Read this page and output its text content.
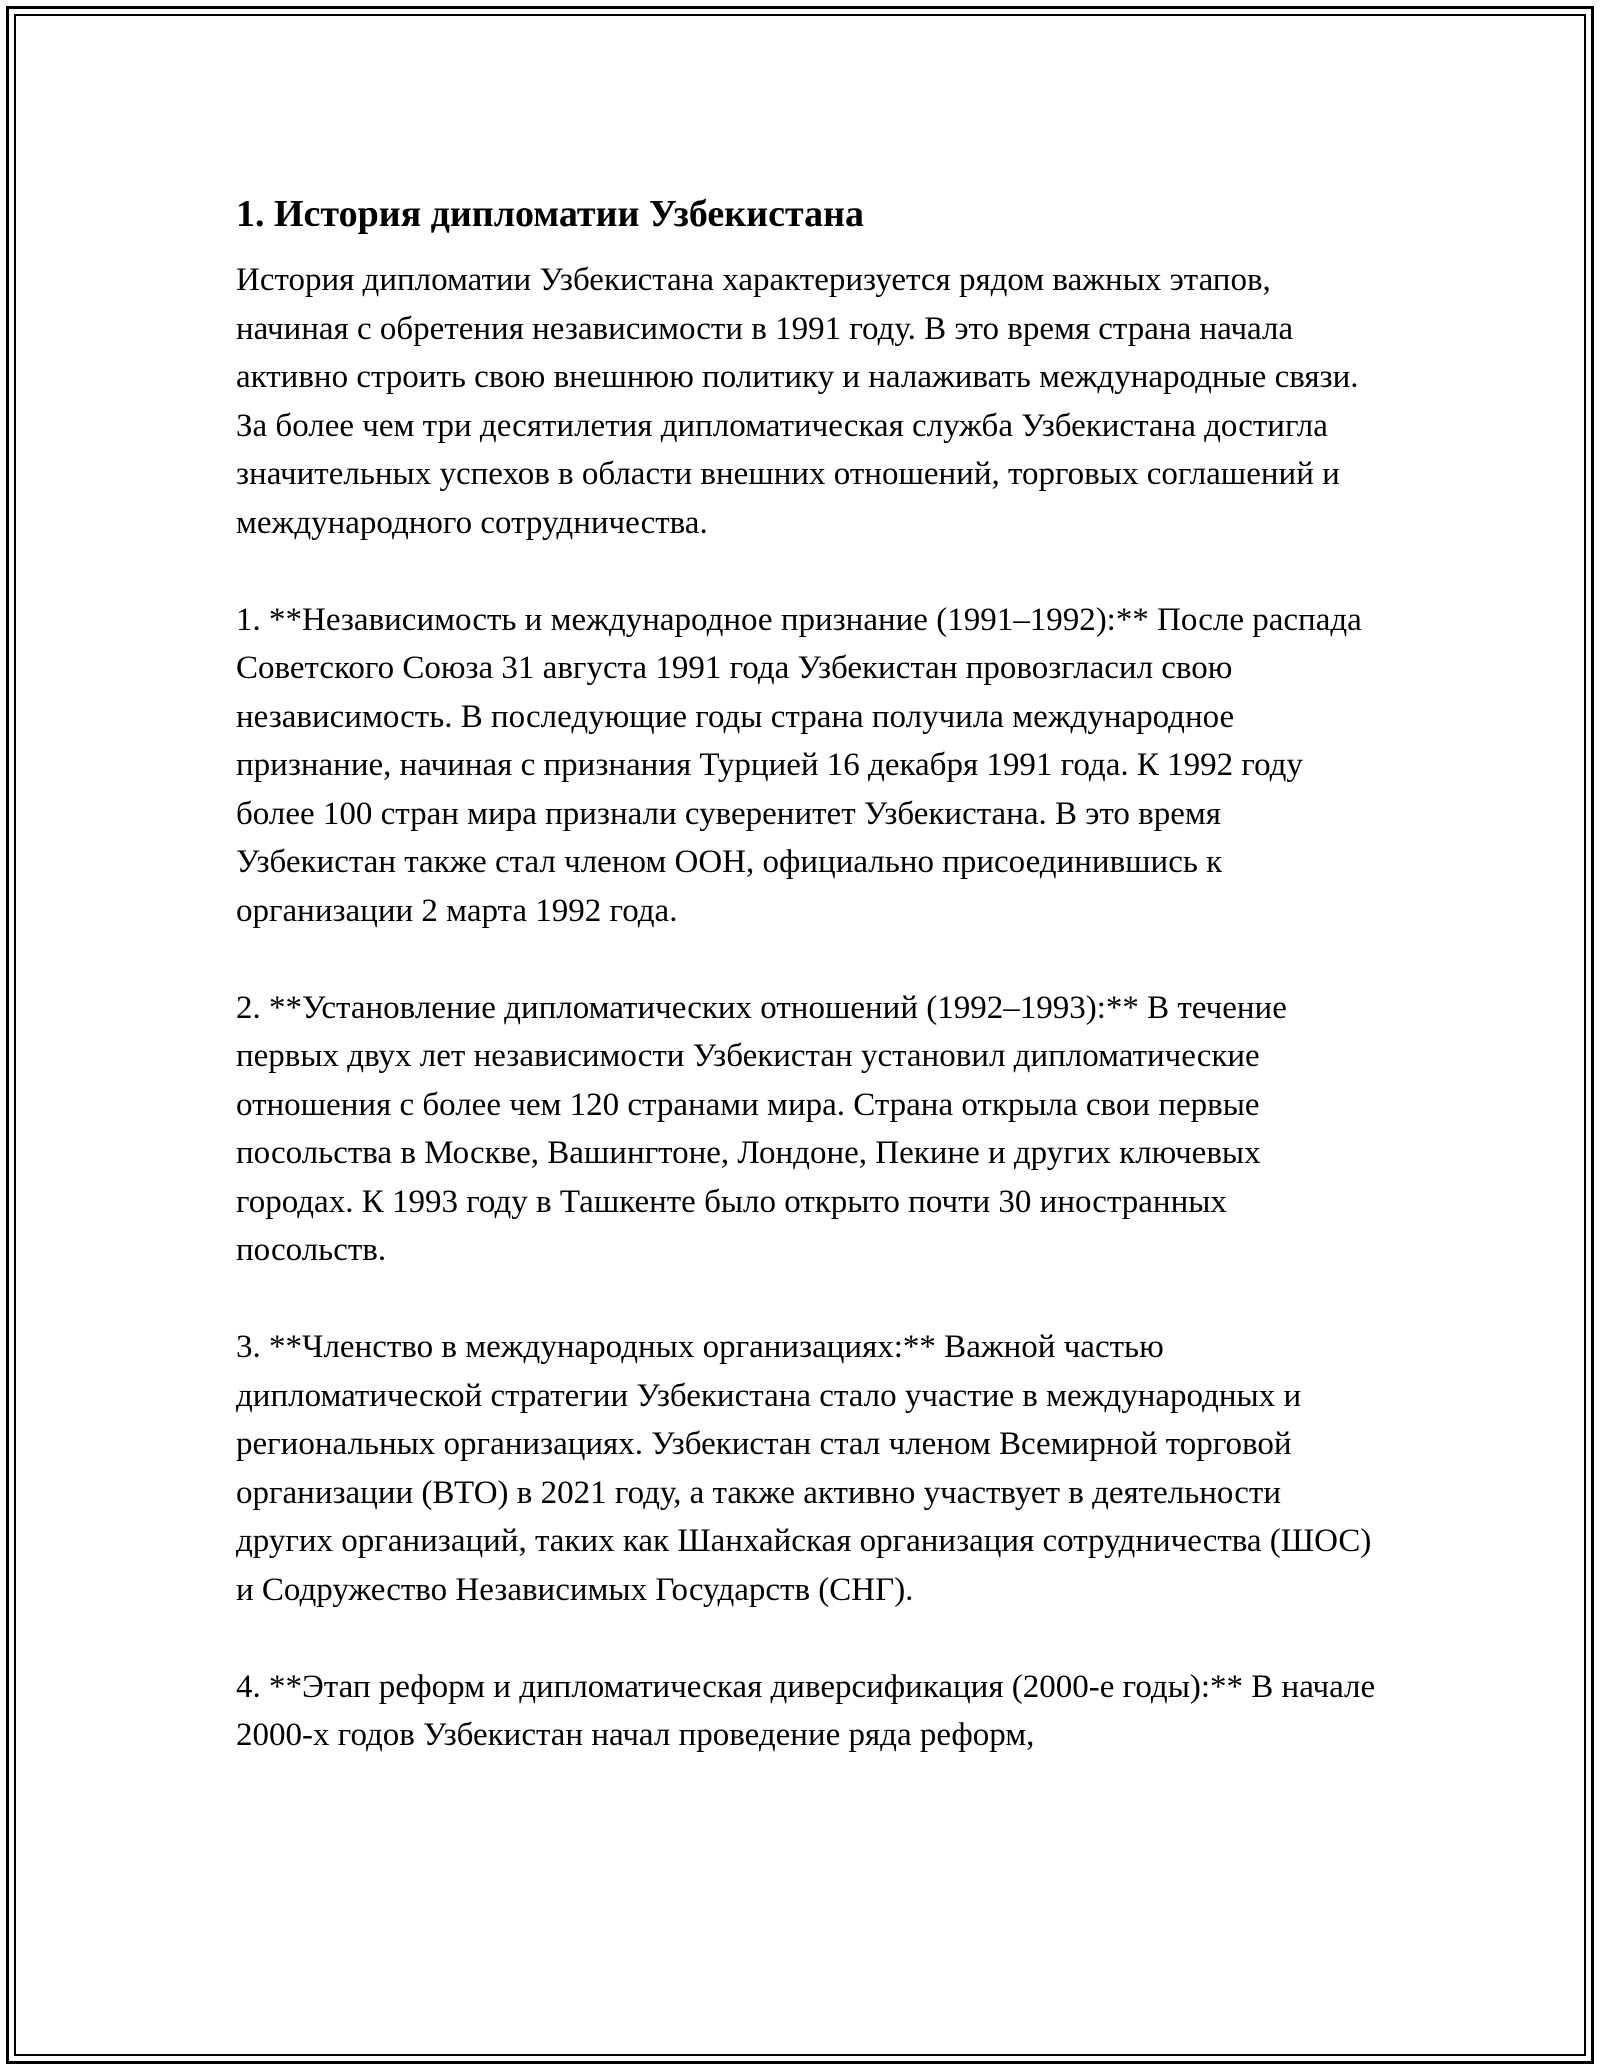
1. История дипломатии Узбекистана

История дипломатии Узбекистана характеризуется рядом важных этапов, начиная с обретения независимости в 1991 году. В это время страна начала активно строить свою внешнюю политику и налаживать международные связи. За более чем три десятилетия дипломатическая служба Узбекистана достигла значительных успехов в области внешних отношений, торговых соглашений и международного сотрудничества.

1. **Независимость и международное признание (1991–1992):** После распада Советского Союза 31 августа 1991 года Узбекистан провозгласил свою независимость. В последующие годы страна получила международное признание, начиная с признания Турцией 16 декабря 1991 года. К 1992 году более 100 стран мира признали суверенитет Узбекистана. В это время Узбекистан также стал членом ООН, официально присоединившись к организации 2 марта 1992 года.

2. **Установление дипломатических отношений (1992–1993):** В течение первых двух лет независимости Узбекистан установил дипломатические отношения с более чем 120 странами мира. Страна открыла свои первые посольства в Москве, Вашингтоне, Лондоне, Пекине и других ключевых городах. К 1993 году в Ташкенте было открыто почти 30 иностранных посольств.

3. **Членство в международных организациях:** Важной частью дипломатической стратегии Узбекистана стало участие в международных и региональных организациях. Узбекистан стал членом Всемирной торговой организации (ВТО) в 2021 году, а также активно участвует в деятельности других организаций, таких как Шанхайская организация сотрудничества (ШОС) и Содружество Независимых Государств (СНГ).

4. **Этап реформ и дипломатическая диверсификация (2000-е годы):** В начале 2000-х годов Узбекистан начал проведение ряда реформ,
